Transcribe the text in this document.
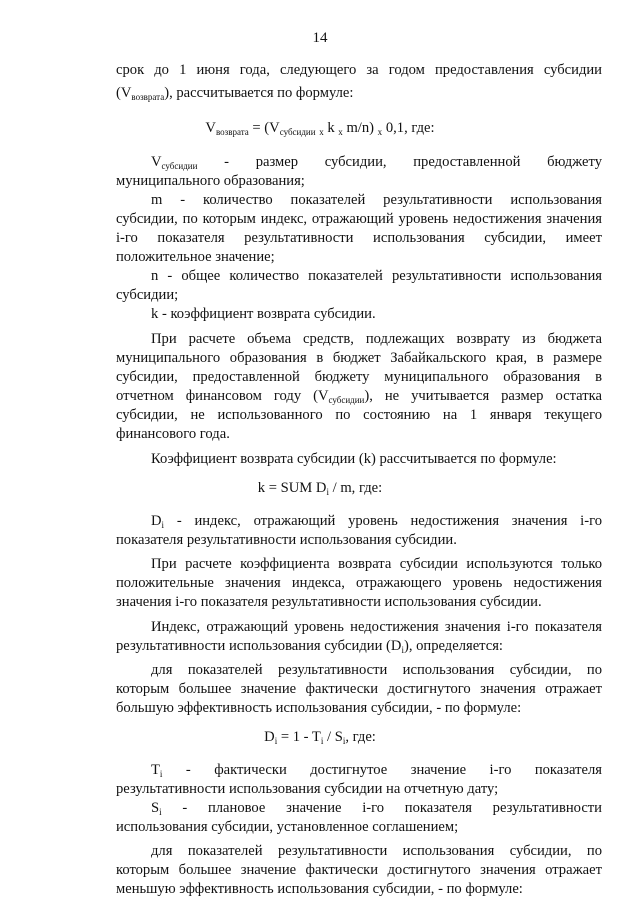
14
срок до 1 июня года, следующего за годом предоставления субсидии
$(V_{возврата})$, рассчитывается по формуле:
$V_{возврата} = (V_{субсидии}$ $_х$ k $_х$ m/n) $_х$ 0,1, где:
$V_{субсидии}$ - размер субсидии, предоставленной бюджету
муниципального образования;
m - количество показателей результативности использования
субсидии, по которым индекс, отражающий уровень недостижения значения
i-го показателя результативности использования субсидии, имеет
положительное значение;
n - общее количество показателей результативности использования
субсидии;
k - коэффициент возврата субсидии.
При расчете объема средств, подлежащих возврату из бюджета
муниципального образования в бюджет Забайкальского края, в размере
субсидии, предоставленной бюджету муниципального образования в
отчетном финансовом году $(V_{субсидии})$, не учитывается размер остатка
субсидии, не использованного по состоянию на 1 января текущего
финансового года.
Коэффициент возврата субсидии (k) рассчитывается по формуле:
k = SUM $D_i$ / m, где:
$D_i$ - индекс, отражающий уровень недостижения значения i-го
показателя результативности использования субсидии.
При расчете коэффициента возврата субсидии используются только
положительные значения индекса, отражающего уровень недостижения
значения i-го показателя результативности использования субсидии.
Индекс, отражающий уровень недостижения значения i-го показателя
результативности использования субсидии $(D_i)$, определяется:
для показателей результативности использования субсидии, по
которым большее значение фактически достигнутого значения отражает
большую эффективность использования субсидии, - по формуле:
$D_i = 1 - T_i / S_i$, где:
$T_i$ - фактически достигнутое значение i-го показателя
результативности использования субсидии на отчетную дату;
$S_i$ - плановое значение i-го показателя результативности
использования субсидии, установленное соглашением;
для показателей результативности использования субсидии, по
которым большее значение фактически достигнутого значения отражает
меньшую эффективность использования субсидии, - по формуле:
